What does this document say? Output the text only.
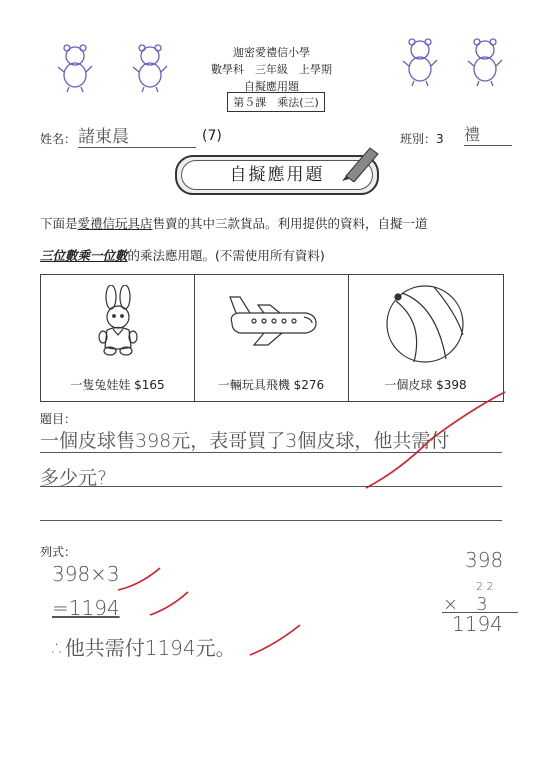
迦密愛禮信小學
數學科　三年級　上學期
自擬應用題
第５課　乘法(三)
姓名： 諸東晨	(7)	班別：3 禮
自擬應用題
下面是愛禮信玩具店售賣的其中三款貨品。利用提供的資料，自擬一道
三位數乘一位數的乘法應用題。(不需使用所有資料)
一隻兔娃娃 $165	一輛玩具飛機 $276	一個皮球 $398
題目：
一個皮球售398元，表哥買了3個皮球，他共需付
多少元?
列式：
398×3
=1194
∴他共需付1194元。
398
2 2
×　3
1194
